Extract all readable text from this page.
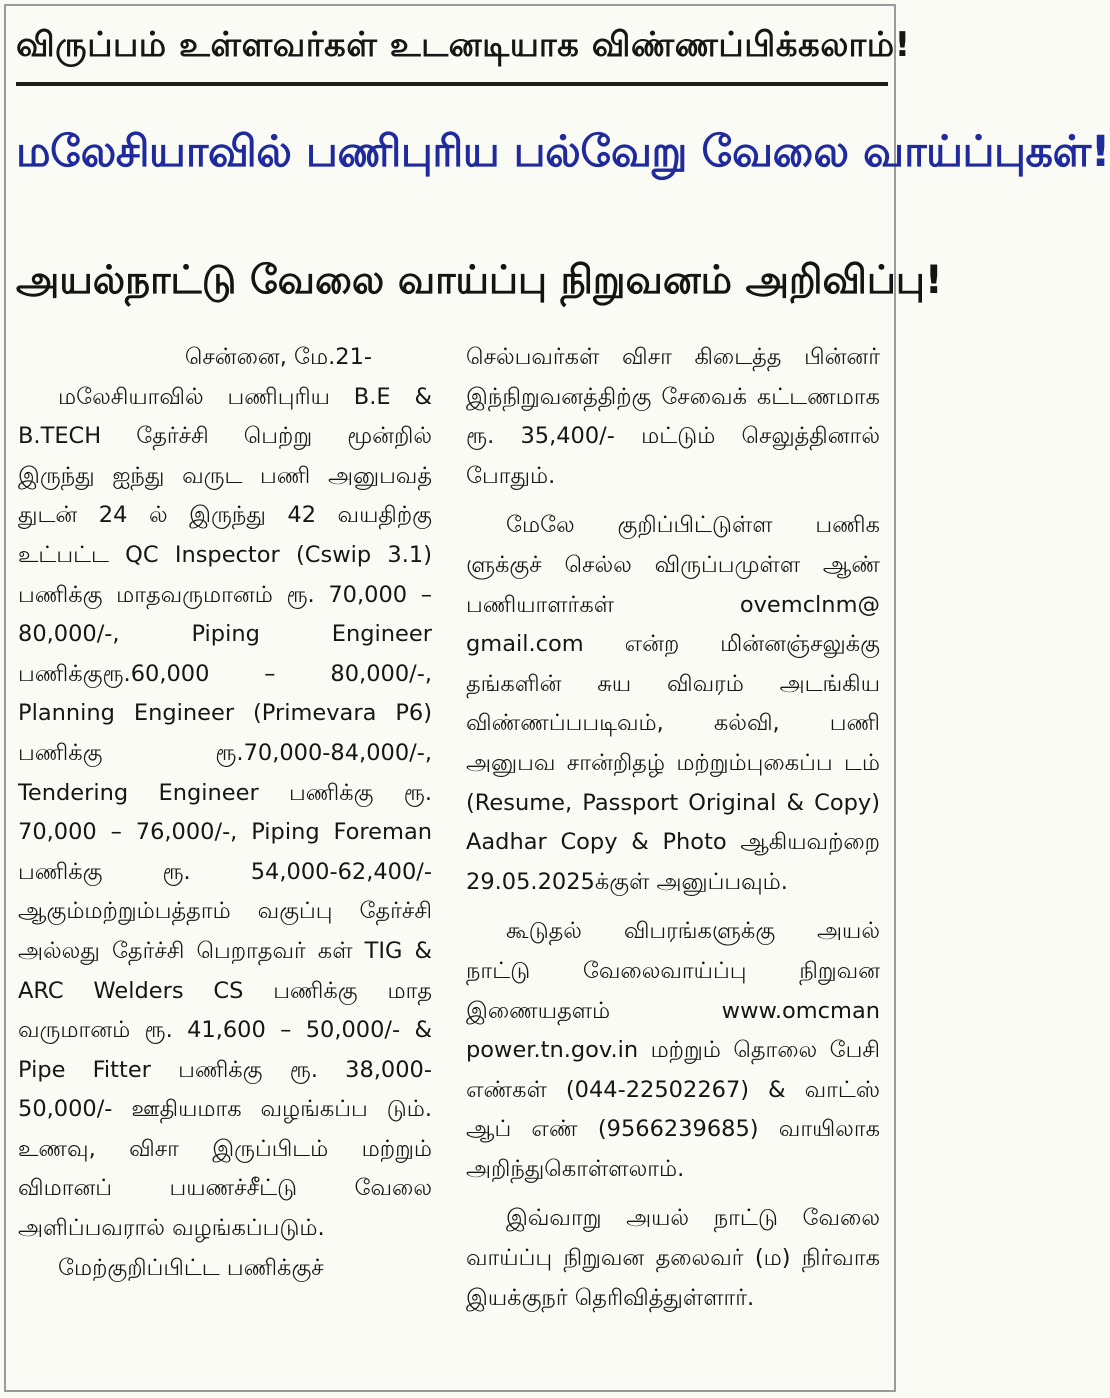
விருப்பம் உள்ளவர்கள் உடனடியாக விண்ணப்பிக்கலாம்!
மலேசியாவில் பணிபுரிய பல்வேறு வேலை வாய்ப்புகள்!
அயல்நாட்டு வேலை வாய்ப்பு நிறுவனம் அறிவிப்பு!

சென்னை, மே.21-

மலேசியாவில் பணிபுரிய B.E & B.TECH தேர்ச்சி பெற்று மூன்றில் இருந்து ஐந்து வருட பணி அனுபவத் துடன் 24 ல் இருந்து 42 வயதிற்கு உட்பட்ட QC Inspector (Cswip 3.1) பணிக்கு மாதவருமானம் ரூ. 70,000 – 80,000/-, Piping Engineer பணிக்குரூ.60,000 – 80,000/-, Planning Engineer (Primevara P6) பணிக்கு ரூ.70,000-84,000/-, Tendering Engineer பணிக்கு ரூ. 70,000 – 76,000/-, Piping Foreman பணிக்கு ரூ. 54,000-62,400/- ஆகும்மற்றும்பத்தாம் வகுப்பு தேர்ச்சி அல்லது தேர்ச்சி பெறாதவர் கள் TIG & ARC Welders CS பணிக்கு மாத வருமானம் ரூ. 41,600 – 50,000/- & Pipe Fitter பணிக்கு ரூ. 38,000-50,000/- ஊதியமாக வழங்கப்ப டும். உணவு, விசா இருப்பிடம் மற்றும் விமானப் பயணச்சீட்டு வேலை அளிப்பவரால் வழங்கப்படும்.

மேற்குறிப்பிட்ட பணிக்குச்

செல்பவர்கள் விசா கிடைத்த பின்னர் இந்நிறுவனத்திற்கு சேவைக் கட்டணமாக ரூ. 35,400/- மட்டும் செலுத்தினால் போதும்.

மேலே குறிப்பிட்டுள்ள பணிக ளுக்குச் செல்ல விருப்பமுள்ள ஆண் பணியாளர்கள் ovemclnm@ gmail.com என்ற மின்னஞ்சலுக்கு தங்களின் சுய விவரம் அடங்கிய விண்ணப்பபடிவம், கல்வி, பணி அனுபவ சான்றிதழ் மற்றும்புகைப்ப டம் (Resume, Passport Original & Copy) Aadhar Copy & Photo ஆகியவற்றை 29.05.2025க்குள் அனுப்பவும்.

கூடுதல் விபரங்களுக்கு அயல் நாட்டு வேலைவாய்ப்பு நிறுவன இணையதளம் www.omcman power.tn.gov.in மற்றும் தொலை பேசி எண்கள் (044-22502267) & வாட்ஸ் ஆப் எண் (9566239685) வாயிலாக அறிந்துகொள்ளலாம்.

இவ்வாறு அயல் நாட்டு வேலை வாய்ப்பு நிறுவன தலைவர் (ம) நிர்வாக இயக்குநர் தெரிவித்துள்ளார்.
